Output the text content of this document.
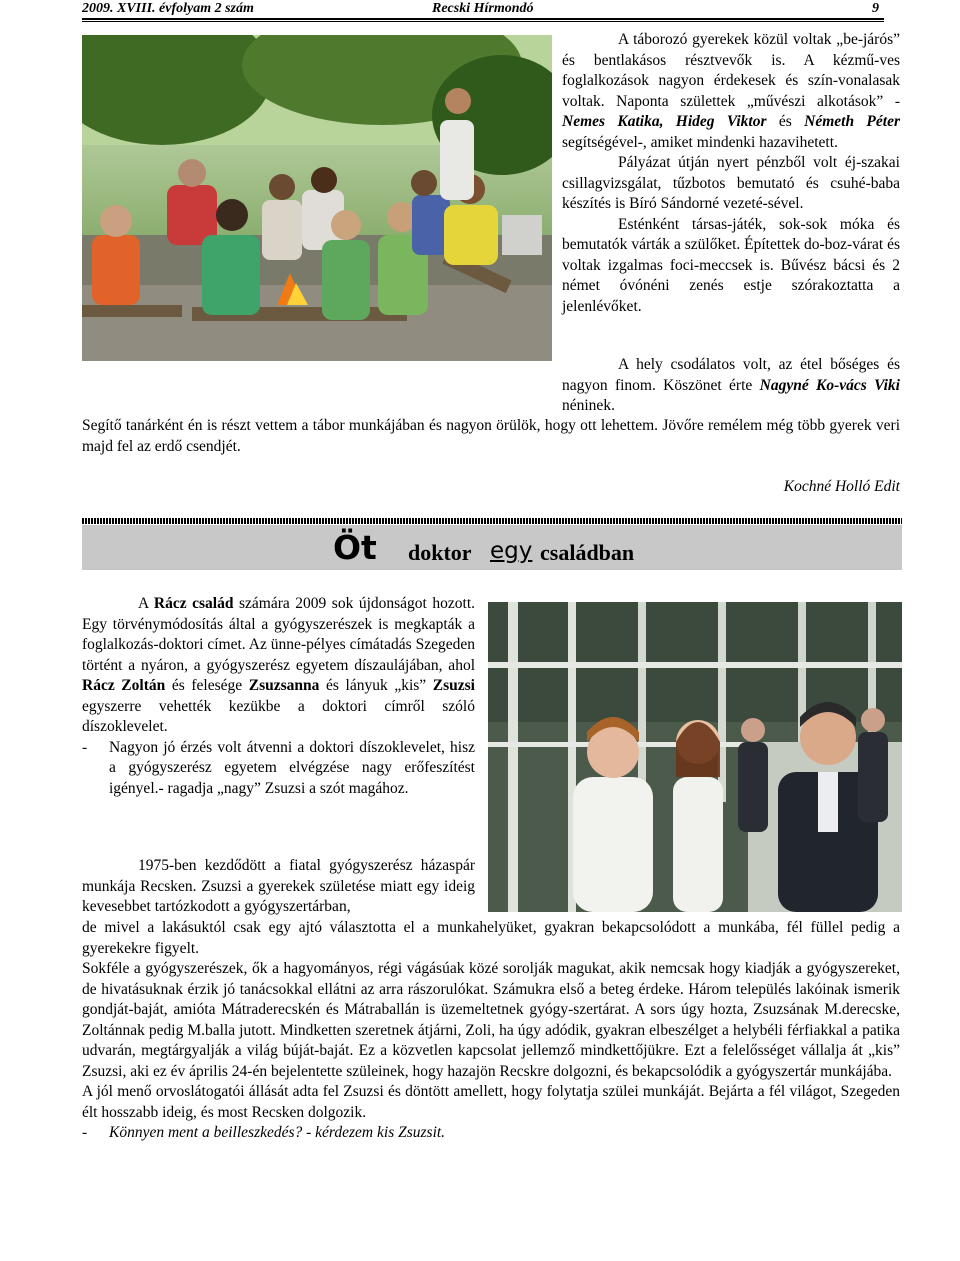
2009. XVIII. évfolyam 2 szám	Recski Hírmondó	9

A táborozó gyerekek közül voltak „be-járós” és bentlakásos résztvevők is. A kézmű-ves foglalkozások nagyon érdekesek és szín-vonalasak voltak. Naponta születtek „művészi alkotások” - Nemes Katika, Hideg Viktor és Németh Péter segítségével-, amiket mindenki hazavihetett.

Pályázat útján nyert pénzből volt éj-szakai csillagvizsgálat, tűzbotos bemutató és csuhé-baba készítés is Bíró Sándorné vezeté-sével.

Esténként társas-játék, sok-sok móka és bemutatók várták a szülőket. Építettek do-boz-várat és voltak izgalmas foci-meccsek is. Bűvész bácsi és 2 német óvónéni zenés estje szórakoztatta a jelenlévőket.

A hely csodálatos volt, az étel bőséges és nagyon finom. Köszönet érte Nagyné Ko-vács Viki néninek.

Segítő tanárként én is részt vettem a tábor munkájában és nagyon örülök, hogy ott lehettem. Jövőre remélem még több gyerek veri majd fel az erdő csendjét.

Kochné Holló Edit
Öt doktor egy családban

A Rácz család számára 2009 sok újdonságot hozott. Egy törvénymódosítás által a gyógyszerészek is megkapták a foglalkozás-doktori címet. Az ünne-pélyes címátadás Szegeden történt a nyáron, a gyógyszerész egyetem díszaulájában, ahol Rácz Zoltán és felesége Zsuzsanna és lányuk „kis” Zsuzsi egyszerre vehették kezükbe a doktori címről szóló díszoklevelet.

- Nagyon jó érzés volt átvenni a doktori díszoklevelet, hisz a gyógyszerész egyetem elvégzése nagy erőfeszítést igényel.- ragadja „nagy” Zsuzsi a szót magához.

1975-ben kezdődött a fiatal gyógyszerész házaspár munkája Recsken. Zsuzsi a gyerekek születése miatt egy ideig kevesebbet tartózkodott a gyógyszertárban,

de mivel a lakásuktól csak egy ajtó választotta el a munkahelyüket, gyakran bekapcsolódott a munkába, fél füllel pedig a gyerekekre figyelt.

Sokféle a gyógyszerészek, ők a hagyományos, régi vágásúak közé sorolják magukat, akik nemcsak hogy kiadják a gyógyszereket, de hivatásuknak érzik jó tanácsokkal ellátni az arra rászorulókat. Számukra első a beteg érdeke. Három település lakóinak ismerik gondját-baját, amióta Mátraderecskén és Mátraballán is üzemeltetnek gyógy-szertárat. A sors úgy hozta, Zsuzsának M.derecske, Zoltánnak pedig M.balla jutott. Mindketten szeretnek átjárni, Zoli, ha úgy adódik, gyakran elbeszélget a helybéli férfiakkal a patika udvarán, megtárgyalják a világ búját-baját. Ez a közvetlen kapcsolat jellemző mindkettőjükre. Ezt a felelősséget vállalja át „kis” Zsuzsi, aki ez év április 24-én bejelentette szüleinek, hogy hazajön Recskre dolgozni, és bekapcsolódik a gyógyszertár munkájába.

A jól menő orvoslátogatói állását adta fel Zsuzsi és döntött amellett, hogy folytatja szülei munkáját. Bejárta a fél világot, Szegeden élt hosszabb ideig, és most Recsken dolgozik.

- Könnyen ment a beilleszkedés? - kérdezem kis Zsuzsit.
